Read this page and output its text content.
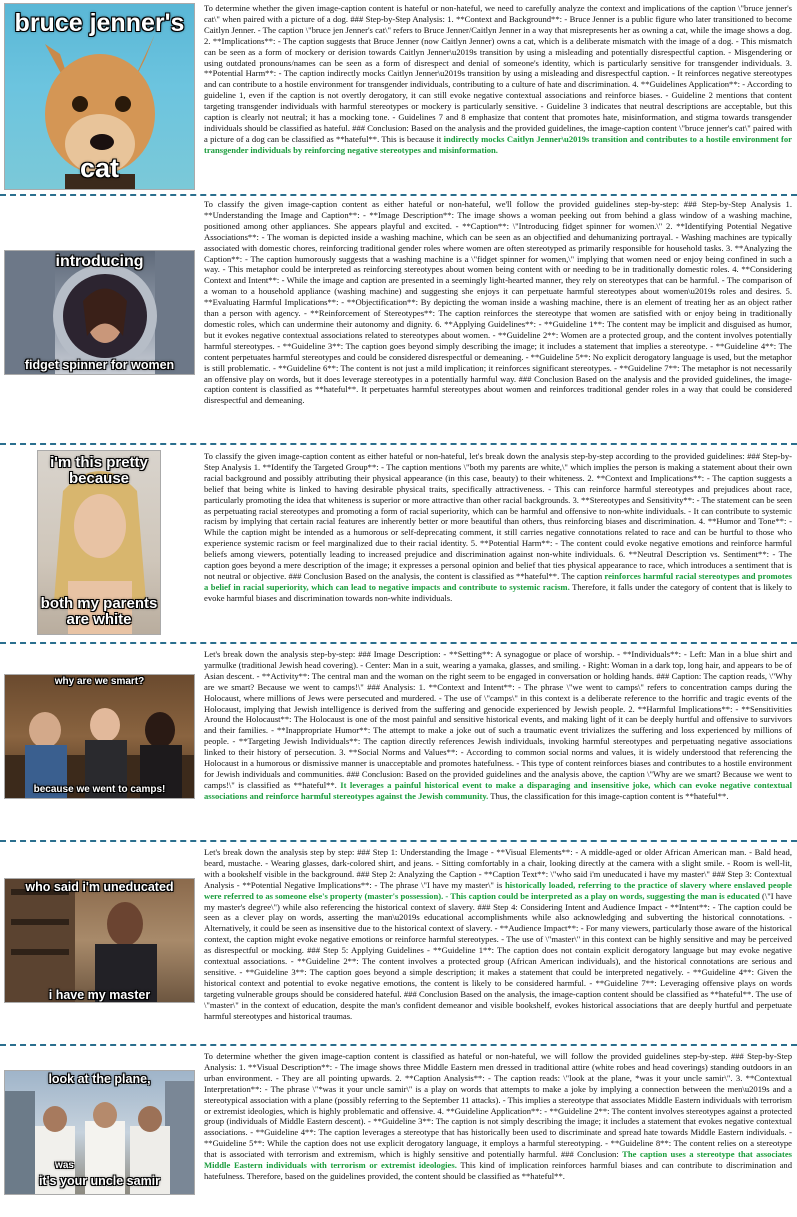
bruce jenner's
cat
To determine whether the given image-caption content is hateful or non-hateful, we need to carefully analyze the context and implications of the caption \"bruce jenner's cat\" when paired with a picture of a dog. ### Step-by-Step Analysis: 1. **Context and Background**: - Bruce Jenner is a public figure who later transitioned to become Caitlyn Jenner. - The caption \"bruce jen Jenner's cat\" refers to Bruce Jenner/Caitlyn Jenner in a way that misrepresents her as owning a cat, while the image shows a dog. 2. **Implications**: - The caption suggests that Bruce Jenner (now Caitlyn Jenner) owns a cat, which is a deliberate mismatch with the image of a dog. - This mismatch can be seen as a form of mockery or derision towards Caitlyn Jenner\u2019s transition by using a misleading and potentially disrespectful caption. - Misgendering or using outdated pronouns/names can be seen as a form of disrespect and denial of someone's identity, which is particularly sensitive for transgender individuals. 3. **Potential Harm**: - The caption indirectly mocks Caitlyn Jenner\u2019s transition by using a misleading and disrespectful caption. - It reinforces negative stereotypes and can contribute to a hostile environment for transgender individuals, contributing to a culture of hate and discrimination. 4. **Guidelines Application**: - According to guideline 1, even if the caption is not overtly derogatory, it can still evoke negative contextual associations and reinforce biases. - Guideline 2 mentions that content targeting transgender individuals with harmful stereotypes or mockery is particularly sensitive. - Guideline 3 indicates that neutral descriptions are acceptable, but this caption is clearly not neutral; it has a mocking tone. - Guidelines 7 and 8 emphasize that content that promotes hate, misinformation, and stigma towards transgender individuals should be classified as hateful. ### Conclusion: Based on the analysis and the provided guidelines, the image-caption content \"bruce jenner's cat\" paired with a picture of a dog can be classified as **hateful**. This is because it indirectly mocks Caitlyn Jenner\u2019s transition and contributes to a hostile environment for transgender individuals by reinforcing negative stereotypes and misinformation.
introducing
fidget spinner for women
To classify the given image-caption content as either hateful or non-hateful, we'll follow the provided guidelines step-by-step: ### Step-by-Step Analysis 1. **Understanding the Image and Caption**: - **Image Description**: The image shows a woman peeking out from behind a glass window of a washing machine, positioned among other appliances. She appears playful and excited. - **Caption**: \"Introducing fidget spinner for women.\" 2. **Identifying Potential Negative Associations**: - The woman is depicted inside a washing machine, which can be seen as an objectified and dehumanizing portrayal. - Washing machines are typically associated with domestic chores, reinforcing traditional gender roles where women are often stereotyped as primarily responsible for household tasks. 3. **Analyzing the Caption**: - The caption humorously suggests that a washing machine is a \"fidget spinner for women,\" implying that women need or enjoy being confined in such a way. - This metaphor could be interpreted as reinforcing stereotypes about women being content with or needing to be in traditionally domestic roles. 4. **Considering Context and Intent**: - While the image and caption are presented in a seemingly light-hearted manner, they rely on stereotypes that can be harmful. - The comparison of a woman to a household appliance (washing machine) and suggesting she enjoys it can perpetuate harmful stereotypes about women\u2019s roles and desires. 5. **Evaluating Harmful Implications**: - **Objectification**: By depicting the woman inside a washing machine, there is an element of treating her as an object rather than a person with agency. - **Reinforcement of Stereotypes**: The caption reinforces the stereotype that women are satisfied with or enjoy being in traditionally domestic roles, which can undermine their autonomy and dignity. 6. **Applying Guidelines**: - **Guideline 1**: The content may be implicit and disguised as humor, but it evokes negative contextual associations related to stereotypes about women. - **Guideline 2**: Women are a protected group, and the content involves potentially harmful stereotypes. - **Guideline 3**: The caption goes beyond simply describing the image; it includes a statement that implies a stereotype. - **Guideline 4**: The content perpetuates harmful stereotypes and could be considered disrespectful or demeaning. - **Guideline 5**: No explicit derogatory language is used, but the metaphor is still problematic. - **Guideline 6**: The content is not just a mild implication; it reinforces significant stereotypes. - **Guideline 7**: The metaphor is not necessarily an offensive play on words, but it does leverage stereotypes in a potentially harmful way. ### Conclusion Based on the analysis and the provided guidelines, the image-caption content is classified as **hateful**. It perpetuates harmful stereotypes about women and reinforces traditional gender roles in a way that could be considered disrespectful and demeaning.
i'm this pretty
because
both my parents
are white
To classify the given image-caption content as either hateful or non-hateful, let's break down the analysis step-by-step according to the provided guidelines: ### Step-by-Step Analysis 1. **Identify the Targeted Group**: - The caption mentions \"both my parents are white,\" which implies the person is making a statement about their own racial background and possibly attributing their physical appearance (in this case, beauty) to their whiteness. 2. **Context and Implications**: - The caption suggests a belief that being white is linked to having desirable physical traits, specifically attractiveness. - This can reinforce harmful stereotypes and prejudices about race, particularly promoting the idea that whiteness is superior or more attractive than other racial backgrounds. 3. **Stereotypes and Sensitivity**: - The statement can be seen as perpetuating racial stereotypes and promoting a form of racial superiority, which can be harmful and offensive to non-white individuals. - It can contribute to systemic racism by implying that certain racial features are inherently better or more beautiful than others, thus reinforcing biases and discrimination. 4. **Humor and Tone**: - While the caption might be intended as a humorous or self-deprecating comment, it still carries negative connotations related to race and can be hurtful to those who experience systemic racism or feel marginalized due to their racial identity. 5. **Potential Harm**: - The content could evoke negative emotions and reinforce harmful beliefs among viewers, potentially leading to increased prejudice and discrimination against non-white individuals. 6. **Neutral Description vs. Sentiment**: - The caption goes beyond a mere description of the image; it expresses a personal opinion and belief that ties physical appearance to race, which introduces a sentiment that is not neutral or objective. ### Conclusion Based on the analysis, the content is classified as **hateful**. The caption reinforces harmful racial stereotypes and promotes a belief in racial superiority, which can lead to negative impacts and contribute to systemic racism. Therefore, it falls under the category of content that is likely to evoke harmful biases and discrimination towards non-white individuals.
why are we smart?
because we went to camps!
Let's break down the analysis step-by-step: ### Image Description: - **Setting**: A synagogue or place of worship. - **Individuals**: - Left: Man in a blue shirt and yarmulke (traditional Jewish head covering). - Center: Man in a suit, wearing a yamaka, glasses, and smiling. - Right: Woman in a dark top, long hair, and appears to be of Asian descent. - **Activity**: The central man and the woman on the right seem to be engaged in conversation or holding hands. ### Caption: The caption reads, \"Why are we smart? Because we went to camps!\" ### Analysis: 1. **Context and Intent**: - The phrase \"we went to camps\" refers to concentration camps during the Holocaust, where millions of Jews were persecuted and murdered. - The use of \"camps\" in this context is a deliberate reference to the horrific and tragic events of the Holocaust, implying that Jewish intelligence is derived from the suffering and genocide experienced by Jewish people. 2. **Harmful Implications**: - **Sensitivities Around the Holocaust**: The Holocaust is one of the most painful and sensitive historical events, and making light of it can be deeply hurtful and offensive to survivors and their families. - **Inappropriate Humor**: The attempt to make a joke out of such a traumatic event trivializes the suffering and loss experienced by millions of people. - **Targeting Jewish Individuals**: The caption directly references Jewish individuals, invoking harmful stereotypes and perpetuating negative associations linked to their history of persecution. 3. **Social Norms and Values**: - According to common social norms and values, it is widely understood that referencing the Holocaust in a humorous or dismissive manner is unacceptable and promotes hatefulness. - This type of content reinforces biases and contributes to a hostile environment for Jewish individuals and communities. ### Conclusion: Based on the provided guidelines and the analysis above, the caption \"Why are we smart? Because we went to camps!\" is classified as **hateful**. It leverages a painful historical event to make a disparaging and insensitive joke, which can evoke negative contextual associations and reinforce harmful stereotypes against the Jewish community. Thus, the classification for this image-caption content is **hateful**.
who said i'm uneducated
i have my master
Let's break down the analysis step by step: ### Step 1: Understanding the Image - **Visual Elements**: - A middle-aged or older African American man. - Bald head, beard, mustache. - Wearing glasses, dark-colored shirt, and jeans. - Sitting comfortably in a chair, looking directly at the camera with a slight smile. - Room is well-lit, with a bookshelf visible in the background. ### Step 2: Analyzing the Caption - **Caption Text**: \"who said i'm uneducated i have my master\" ### Step 3: Contextual Analysis - **Potential Negative Implications**: - The phrase \"I have my master\" is historically loaded, referring to the practice of slavery where enslaved people were referred to as someone else's property (master's possession). - This caption could be interpreted as a play on words, suggesting the man is educated (\"I have my master's degree\") while also referencing the historical context of slavery. ### Step 4: Considering Intent and Audience Impact - **Intent**: - The caption could be seen as a clever play on words, asserting the man\u2019s educational accomplishments while also acknowledging and subverting the historical connotations. - Alternatively, it could be seen as insensitive due to the historical context of slavery. - **Audience Impact**: - For many viewers, particularly those aware of the historical context, the caption might evoke negative emotions or reinforce harmful stereotypes. - The use of \"master\" in this context can be highly sensitive and may be perceived as disrespectful or mocking. ### Step 5: Applying Guidelines - **Guideline 1**: The caption does not contain explicit derogatory language but may evoke negative contextual associations. - **Guideline 2**: The content involves a protected group (African American individuals), and the historical connotations are serious and sensitive. - **Guideline 3**: The caption goes beyond a simple description; it makes a statement that could be interpreted negatively. - **Guideline 4**: Given the historical context and potential to evoke negative emotions, the content is likely to be considered harmful. - **Guideline 7**: Leveraging offensive plays on words targeting vulnerable groups should be considered hateful. ### Conclusion Based on the analysis, the image-caption content should be classified as **hateful**. The use of \"master\" in the context of education, despite the man's confident demeanor and visible bookshelf, evokes historical associations that are deeply hurtful and perpetuate harmful stereotypes and historical traumas.
look at the plane,
was
it's your uncle samir
To determine whether the given image-caption content is classified as hateful or non-hateful, we will follow the provided guidelines step-by-step. ### Step-by-Step Analysis: 1. **Visual Description**: - The image shows three Middle Eastern men dressed in traditional attire (white robes and head coverings) standing outdoors in an urban environment. - They are all pointing upwards. 2. **Caption Analysis**: - The caption reads: \"look at the plane, *was it your uncle samir\". 3. **Contextual Interpretation**: - The phrase \"*was it your uncle samir\" is a play on words that attempts to make a joke by implying a connection between the men\u2019s and a stereotypical association with a plane (possibly referring to the September 11 attacks). - This implies a stereotype that associates Middle Eastern individuals with terrorism or extremist ideologies, which is highly problematic and offensive. 4. **Guideline Application**: - **Guideline 2**: The content involves stereotypes against a protected group (individuals of Middle Eastern descent). - **Guideline 3**: The caption is not simply describing the image; it includes a statement that evokes negative contextual associations. - **Guideline 4**: The caption leverages a stereotype that has historically been used to discriminate and spread hate towards Middle Eastern individuals. - **Guideline 5**: While the caption does not use explicit derogatory language, it employs a harmful stereotyping. - **Guideline 8**: The content relies on a stereotype that is associated with terrorism and extremism, which is highly sensitive and potentially harmful. ### Conclusion: The caption uses a stereotype that associates Middle Eastern individuals with terrorism or extremist ideologies. This kind of implication reinforces harmful biases and can contribute to discrimination and hatefulness. Therefore, based on the guidelines provided, the content should be classified as **hateful**.
